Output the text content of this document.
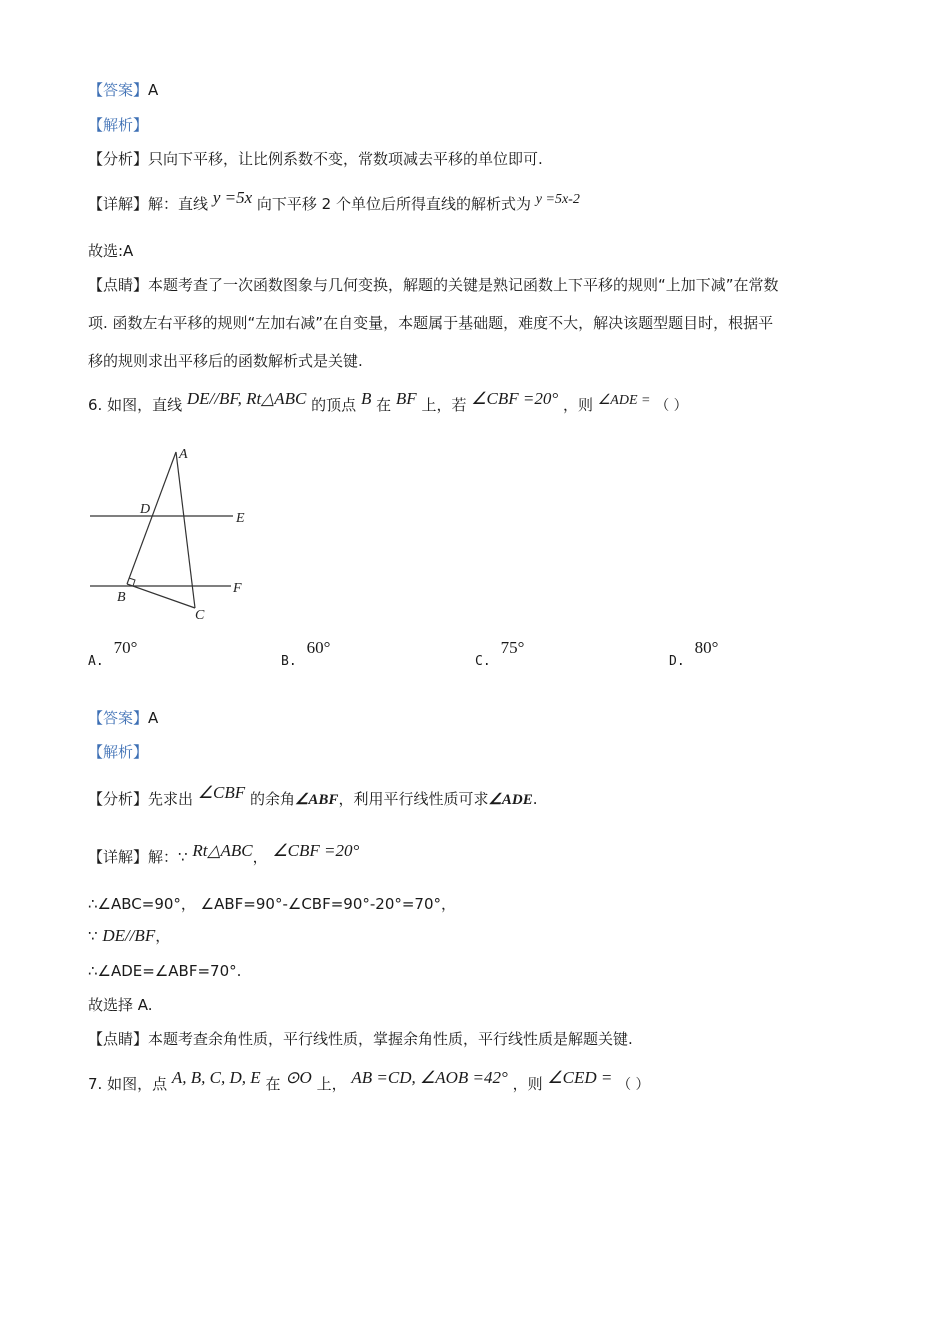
【答案】A
【解析】
【分析】只向下平移，让比例系数不变，常数项减去平移的单位即可.
【详解】解：直线 y =5x 向下平移 2 个单位后所得直线的解析式为 y =5x-2
故选:A
【点睛】本题考查了一次函数图象与几何变换，解题的关键是熟记函数上下平移的规则“上加下减”在常数
项. 函数左右平移的规则“左加右减”在自变量，本题属于基础题，难度不大，解决该题型题目时，根据平
移的规则求出平移后的函数解析式是关键.
6. 如图，直线 DE//BF, Rt△ABC 的顶点 B 在 BF 上，若 ∠CBF =20° ，则 ∠ADE = （ ）
A
D
E
B
F
C
A.70°
B.60°
C.75°
D.80°
【答案】A
【解析】
【分析】先求出 ∠CBF 的余角∠ABF，利用平行线性质可求∠ADE.
【详解】解：∵ Rt△ABC， ∠CBF =20°
∴∠ABC=90°， ∠ABF=90°-∠CBF=90°-20°=70°，
∵ DE//BF，
∴∠ADE=∠ABF=70°.
故选择 A.
【点睛】本题考查余角性质，平行线性质，掌握余角性质，平行线性质是解题关键.
7. 如图，点 A, B, C, D, E 在 ⊙O 上， AB =CD, ∠AOB =42° ，则 ∠CED = （ ）
